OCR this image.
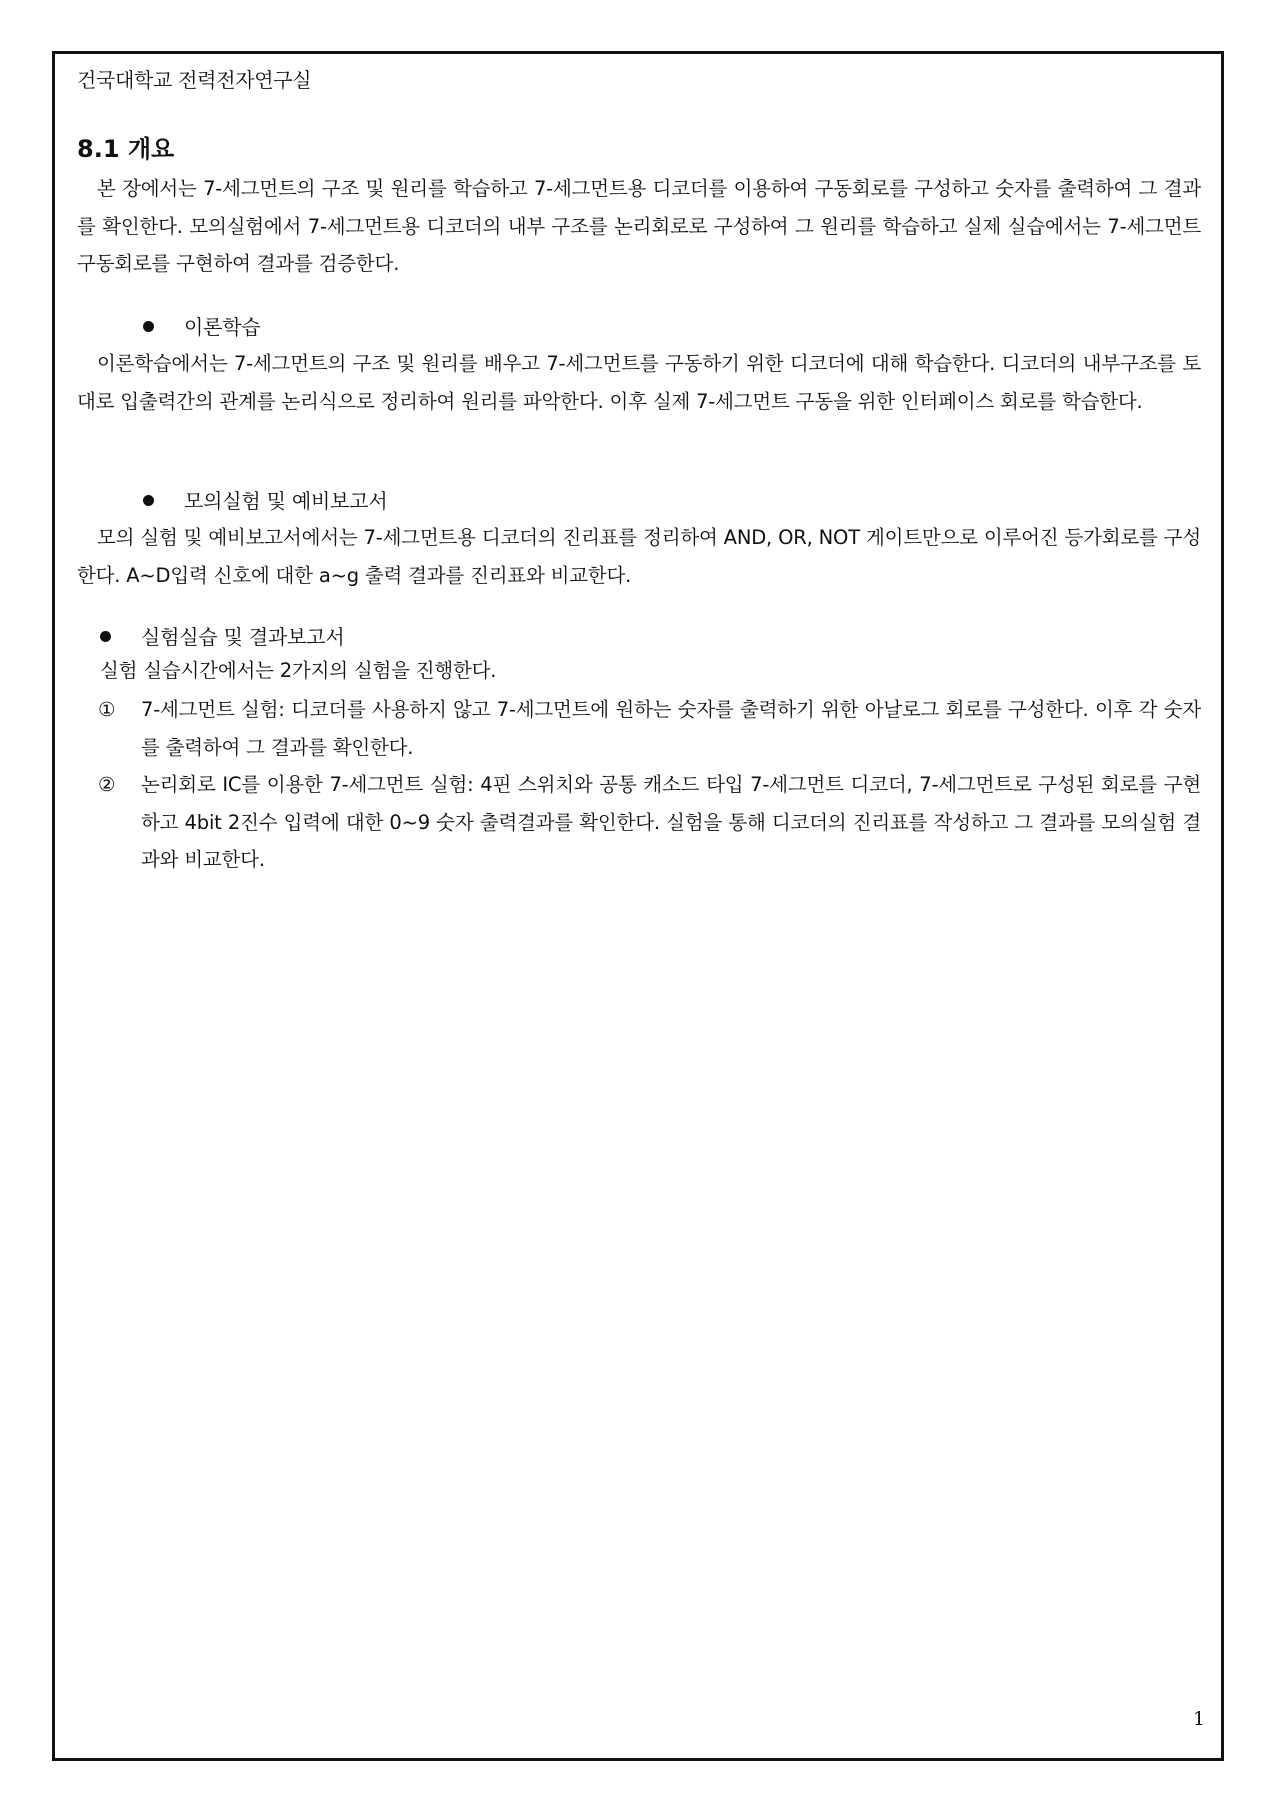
건국대학교 전력전자연구실
8.1 개요
본 장에서는 7-세그먼트의 구조 및 원리를 학습하고 7-세그먼트용 디코더를 이용하여 구동회로를 구성하고 숫자를 출력하여 그 결과를 확인한다. 모의실험에서 7-세그먼트용 디코더의 내부 구조를 논리회로로 구성하여 그 원리를 학습하고 실제 실습에서는 7-세그먼트 구동회로를 구현하여 결과를 검증한다.
이론학습
이론학습에서는 7-세그먼트의 구조 및 원리를 배우고 7-세그먼트를 구동하기 위한 디코더에 대해 학습한다. 디코더의 내부구조를 토대로 입출력간의 관계를 논리식으로 정리하여 원리를 파악한다. 이후 실제 7-세그먼트 구동을 위한 인터페이스 회로를 학습한다.
모의실험 및 예비보고서
모의 실험 및 예비보고서에서는 7-세그먼트용 디코더의 진리표를 정리하여 AND, OR, NOT 게이트만으로 이루어진 등가회로를 구성한다. A~D입력 신호에 대한 a~g 출력 결과를 진리표와 비교한다.
실험실습 및 결과보고서
실험 실습시간에서는 2가지의 실험을 진행한다.
①	7-세그먼트 실험: 디코더를 사용하지 않고 7-세그먼트에 원하는 숫자를 출력하기 위한 아날로그 회로를 구성한다. 이후 각 숫자를 출력하여 그 결과를 확인한다.
②	논리회로 IC를 이용한 7-세그먼트 실험: 4핀 스위치와 공통 캐소드 타입 7-세그먼트 디코더, 7-세그먼트로 구성된 회로를 구현하고 4bit 2진수 입력에 대한 0~9 숫자 출력결과를 확인한다. 실험을 통해 디코더의 진리표를 작성하고 그 결과를 모의실험 결과와 비교한다.
1
